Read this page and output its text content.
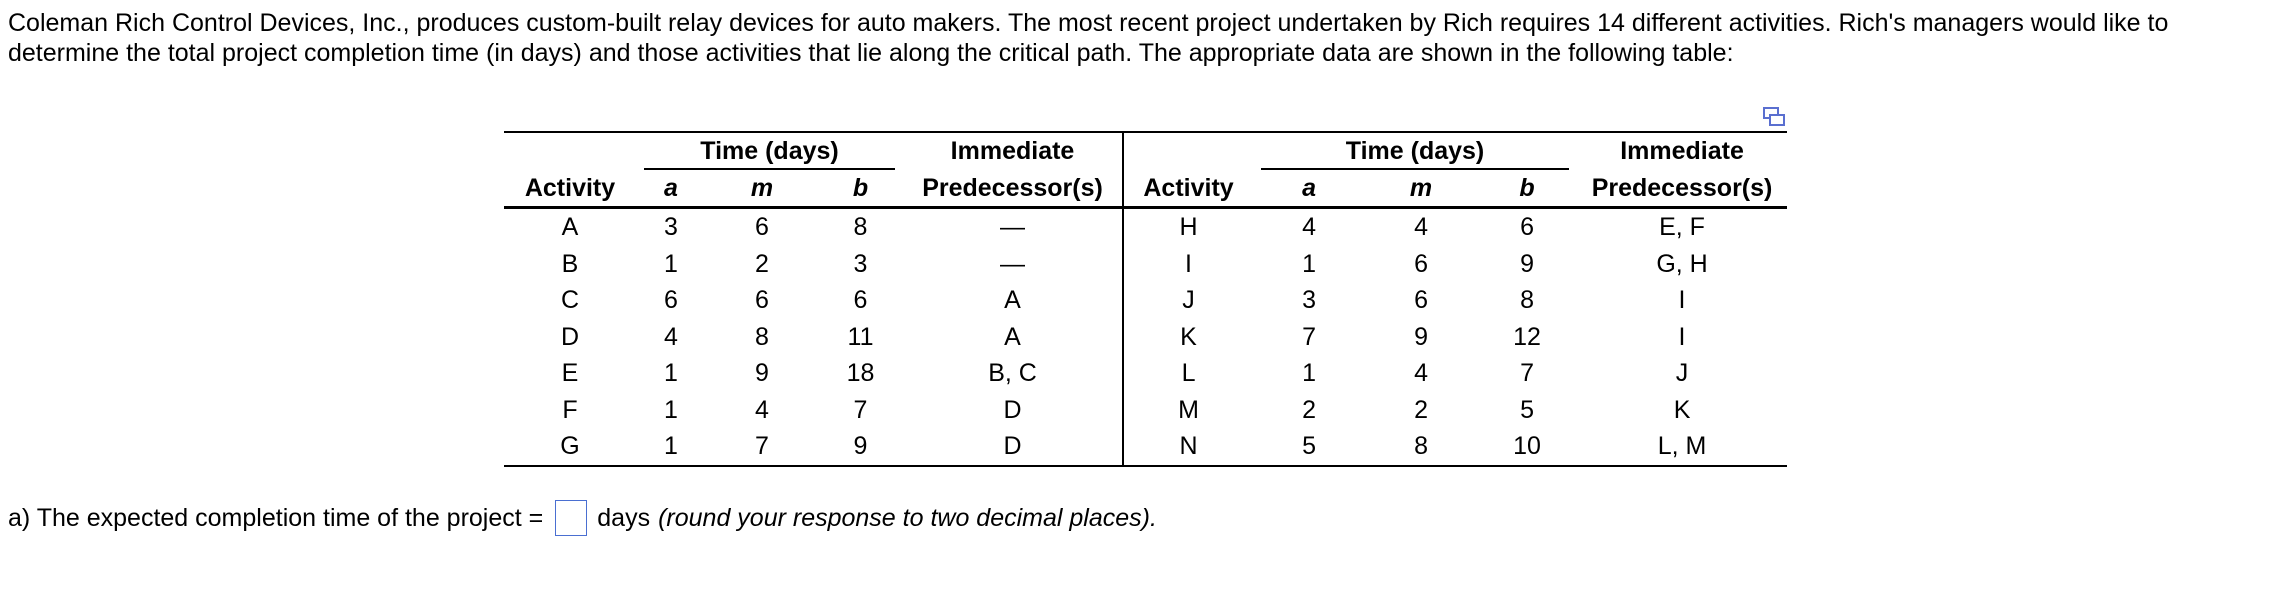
Coleman Rich Control Devices, Inc., produces custom-built relay devices for auto makers. The most recent project undertaken by Rich requires 14 different activities. Rich's managers would like to determine the total project completion time (in days) and those activities that lie along the critical path. The appropriate data are shown in the following table:

	Time (days)			Immediate		Time (days)			Immediate
Activity	a	m	b	Predecessor(s)	Activity	a	m	b	Predecessor(s)
A	3	6	8	—	H	4	4	6	E, F
B	1	2	3	—	I	1	6	9	G, H
C	6	6	6	A	J	3	6	8	I
D	4	8	11	A	K	7	9	12	I
E	1	9	18	B, C	L	1	4	7	J
F	1	4	7	D	M	2	2	5	K
G	1	7	9	D	N	5	8	10	L, M
a) The expected completion time of the project = days (round your response to two decimal places).
